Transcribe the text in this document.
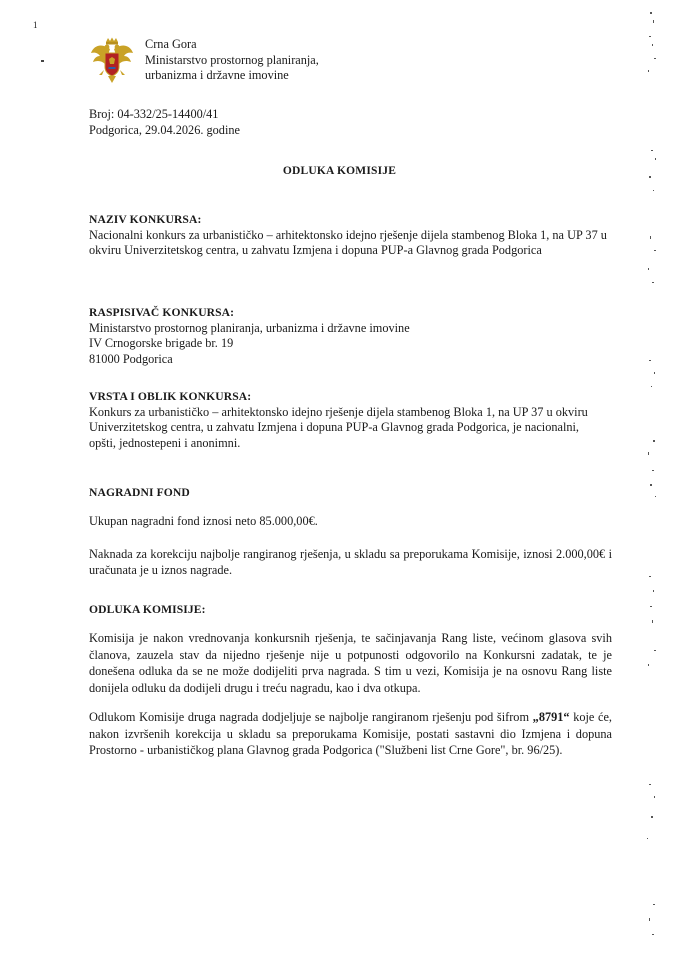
1
Crna Gora
Ministarstvo prostornog planiranja,
urbanizma i državne imovine
Broj: 04-332/25-14400/41
Podgorica, 29.04.2026. godine
ODLUKA KOMISIJE
NAZIV KONKURSA:

Nacionalni konkurs za urbanističko – arhitektonsko idejno rješenje dijela stambenog Bloka 1, na UP 37 u okviru Univerzitetskog centra, u zahvatu Izmjena i dopuna PUP-a Glavnog grada Podgorica

RASPISIVAČ KONKURSA:
Ministarstvo prostornog planiranja, urbanizma i državne imovine
IV Crnogorske brigade br. 19
81000 Podgorica
VRSTA I OBLIK KONKURSA:

Konkurs za urbanističko – arhitektonsko idejno rješenje dijela stambenog Bloka 1, na UP 37 u okviru Univerzitetskog centra, u zahvatu Izmjena i dopuna PUP-a Glavnog grada Podgorica, je nacionalni, opšti, jednostepeni i anonimni.

NAGRADNI FOND

Ukupan nagradni fond iznosi neto 85.000,00€.

Naknada za korekciju najbolje rangiranog rješenja, u skladu sa preporukama Komisije, iznosi 2.000,00€ i uračunata je u iznos nagrade.

ODLUKA KOMISIJE:

Komisija je nakon vrednovanja konkursnih rješenja, te sačinjavanja Rang liste, većinom glasova svih članova, zauzela stav da nijedno rješenje nije u potpunosti odgovorilo na Konkursni zadatak, te je donešena odluka da se ne može dodijeliti prva nagrada. S tim u vezi, Komisija je na osnovu Rang liste donijela odluku da dodijeli drugu i treću nagradu, kao i dva otkupa.

Odlukom Komisije druga nagrada dodjeljuje se najbolje rangiranom rješenju pod šifrom „8791“ koje će, nakon izvršenih korekcija u skladu sa preporukama Komisije, postati sastavni dio Izmjena i dopuna Prostorno - urbanističkog plana Glavnog grada Podgorica ("Službeni list Crne Gore", br. 96/25).
